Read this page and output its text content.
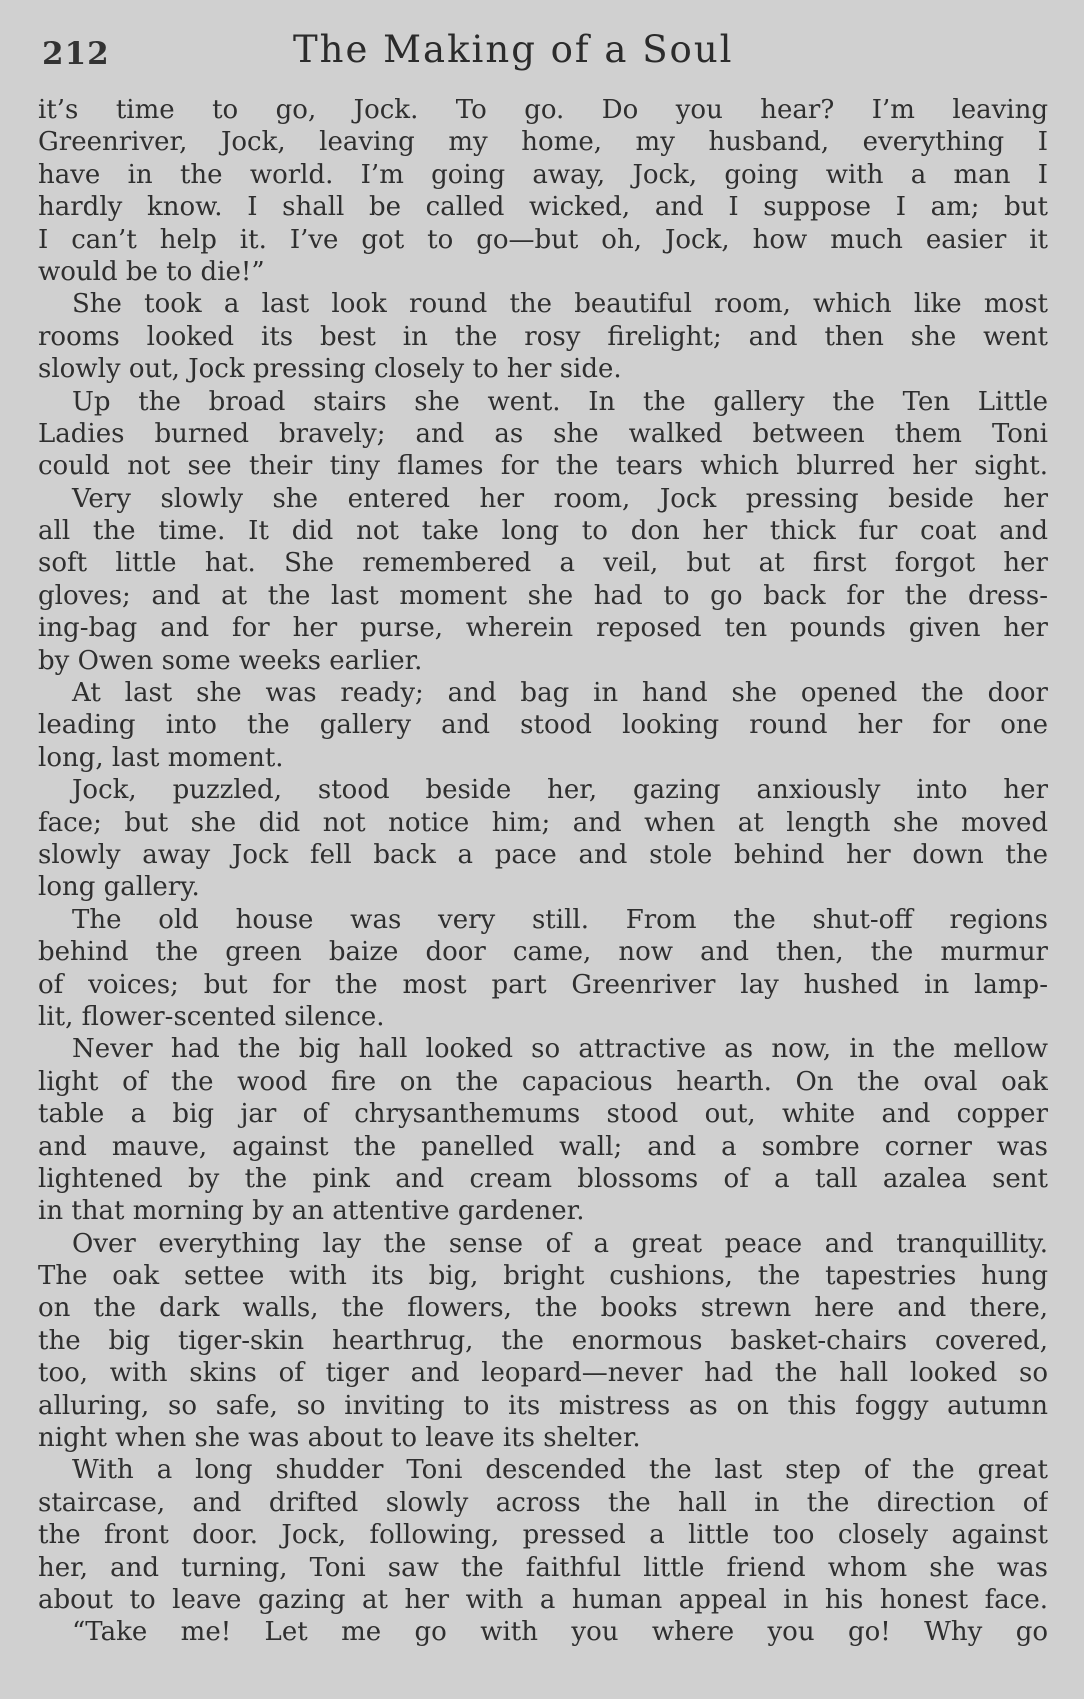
212	The Making of a Soul
it’s time to go, Jock. To go. Do you hear? I’m leaving
Greenriver, Jock, leaving my home, my husband, everything I
have in the world. I’m going away, Jock, going with a man I
hardly know. I shall be called wicked, and I suppose I am; but
I can’t help it. I’ve got to go—but oh, Jock, how much easier it
would be to die!”
She took a last look round the beautiful room, which like most
rooms looked its best in the rosy firelight; and then she went
slowly out, Jock pressing closely to her side.
Up the broad stairs she went. In the gallery the Ten Little
Ladies burned bravely; and as she walked between them Toni
could not see their tiny flames for the tears which blurred her sight.
Very slowly she entered her room, Jock pressing beside her
all the time. It did not take long to don her thick fur coat and
soft little hat. She remembered a veil, but at first forgot her
gloves; and at the last moment she had to go back for the dress-
ing-bag and for her purse, wherein reposed ten pounds given her
by Owen some weeks earlier.
At last she was ready; and bag in hand she opened the door
leading into the gallery and stood looking round her for one
long, last moment.
Jock, puzzled, stood beside her, gazing anxiously into her
face; but she did not notice him; and when at length she moved
slowly away Jock fell back a pace and stole behind her down the
long gallery.
The old house was very still. From the shut-off regions
behind the green baize door came, now and then, the murmur
of voices; but for the most part Greenriver lay hushed in lamp-
lit, flower-scented silence.
Never had the big hall looked so attractive as now, in the mellow
light of the wood fire on the capacious hearth. On the oval oak
table a big jar of chrysanthemums stood out, white and copper
and mauve, against the panelled wall; and a sombre corner was
lightened by the pink and cream blossoms of a tall azalea sent
in that morning by an attentive gardener.
Over everything lay the sense of a great peace and tranquillity.
The oak settee with its big, bright cushions, the tapestries hung
on the dark walls, the flowers, the books strewn here and there,
the big tiger-skin hearthrug, the enormous basket-chairs covered,
too, with skins of tiger and leopard—never had the hall looked so
alluring, so safe, so inviting to its mistress as on this foggy autumn
night when she was about to leave its shelter.
With a long shudder Toni descended the last step of the great
staircase, and drifted slowly across the hall in the direction of
the front door. Jock, following, pressed a little too closely against
her, and turning, Toni saw the faithful little friend whom she was
about to leave gazing at her with a human appeal in his honest face.
“Take me! Let me go with you where you go! Why go
